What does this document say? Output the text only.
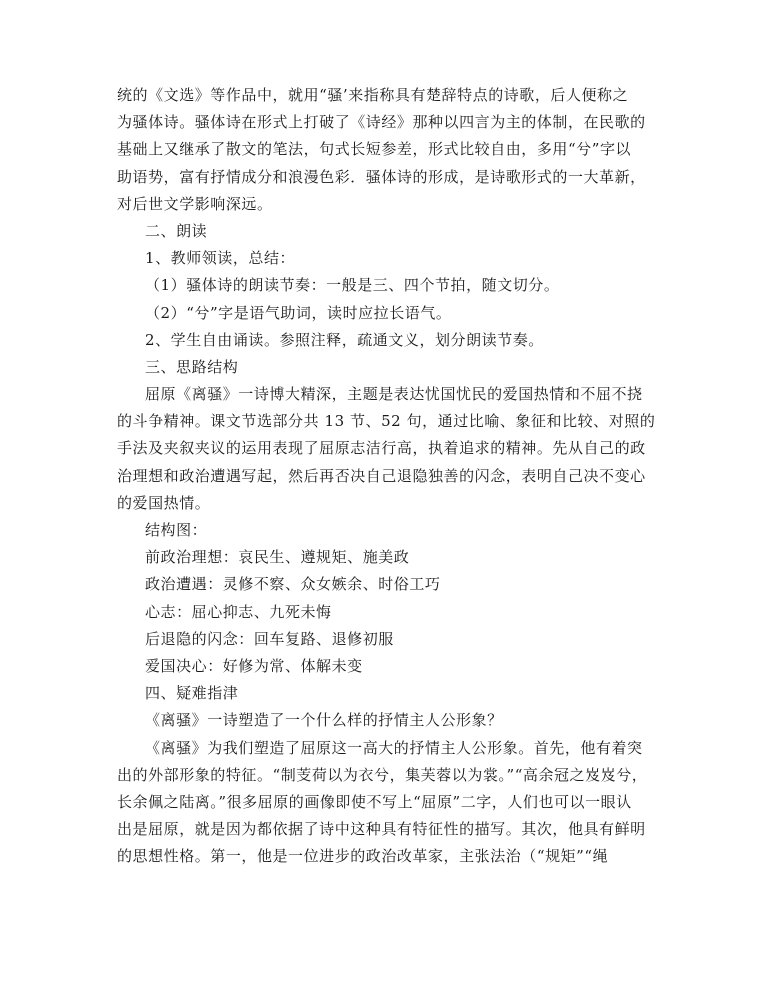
统的《文选》等作品中，就用“骚’来指称具有楚辞特点的诗歌，后人便称之
为骚体诗。骚体诗在形式上打破了《诗经》那种以四言为主的体制，在民歌的
基础上又继承了散文的笔法，句式长短参差，形式比较自由，多用“兮”字以
助语势，富有抒情成分和浪漫色彩．骚体诗的形成，是诗歌形式的一大革新，
对后世文学影响深远。
二、朗读
1、教师领读，总结：
（1）骚体诗的朗读节奏：一般是三、四个节拍，随文切分。
（2）“兮”字是语气助词，读时应拉长语气。
2、学生自由诵读。参照注释，疏通文义，划分朗读节奏。
三、思路结构
屈原《离骚》一诗博大精深，主题是表达忧国忧民的爱国热情和不屈不挠
的斗争精神。课文节选部分共 13 节、52 句，通过比喻、象征和比较、对照的
手法及夹叙夹议的运用表现了屈原志洁行高，执着追求的精神。先从自己的政
治理想和政治遭遇写起，然后再否决自己退隐独善的闪念，表明自己决不变心
的爱国热情。
结构图：
前政治理想：哀民生、遵规矩、施美政
政治遭遇：灵修不察、众女嫉余、时俗工巧
心志：屈心抑志、九死未悔
后退隐的闪念：回车复路、退修初服
爱国决心：好修为常、体解未变
四、疑难指津
《离骚》一诗塑造了一个什么样的抒情主人公形象？
《离骚》为我们塑造了屈原这一高大的抒情主人公形象。首先，他有着突
出的外部形象的特征。“制芰荷以为衣兮，集芙蓉以为裳。”“高余冠之岌岌兮，
长余佩之陆离。”很多屈原的画像即使不写上“屈原”二字，人们也可以一眼认
出是屈原，就是因为都依据了诗中这种具有特征性的描写。其次，他具有鲜明
的思想性格。第一，他是一位进步的政治改革家，主张法治（“规矩”“绳
